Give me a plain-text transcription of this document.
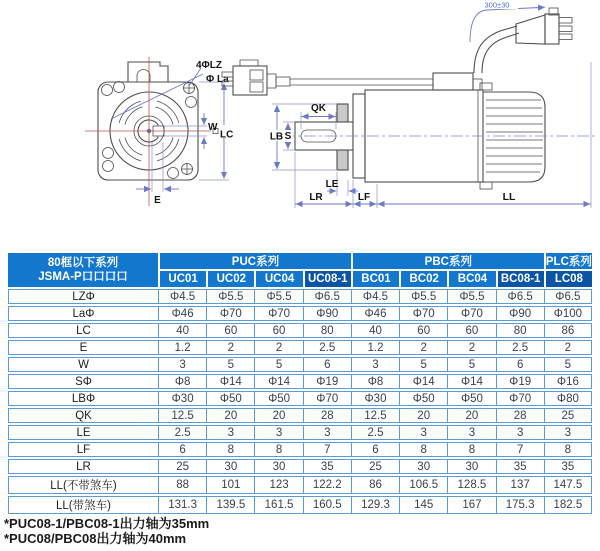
4ΦLZ
Φ La
W
LC
E
300±30
LB S
QK
LE
LR	LF	LL
80框以下系列
JSMA-P口口口口	PUC系列				PBC系列				PLC系列
	UC01	UC02	UC04	UC08-1	BC01	BC02	BC04	BC08-1	LC08
LZΦ	Φ4.5	Φ5.5	Φ5.5	Φ6.5	Φ4.5	Φ5.5	Φ5.5	Φ6.5	Φ6.5
LaΦ	Φ46	Φ70	Φ70	Φ90	Φ46	Φ70	Φ70	Φ90	Φ100
LC	40	60	60	80	40	60	60	80	86
E	1.2	2	2	2.5	1.2	2	2	2.5	2
W	3	5	5	6	3	5	5	6	5
SΦ	Φ8	Φ14	Φ14	Φ19	Φ8	Φ14	Φ14	Φ19	Φ16
LBΦ	Φ30	Φ50	Φ50	Φ70	Φ30	Φ50	Φ50	Φ70	Φ80
QK	12.5	20	20	28	12.5	20	20	28	25
LE	2.5	3	3	3	2.5	3	3	3	3
LF	6	8	8	7	6	8	8	7	8
LR	25	30	30	35	25	30	30	35	35
LL(不带煞车)	88	101	123	122.2	86	106.5	128.5	137	147.5
LL(带煞车)	131.3	139.5	161.5	160.5	129.3	145	167	175.3	182.5
*PUC08-1/PBC08-1出力轴为35mm
*PUC08/PBC08出力轴为40mm
